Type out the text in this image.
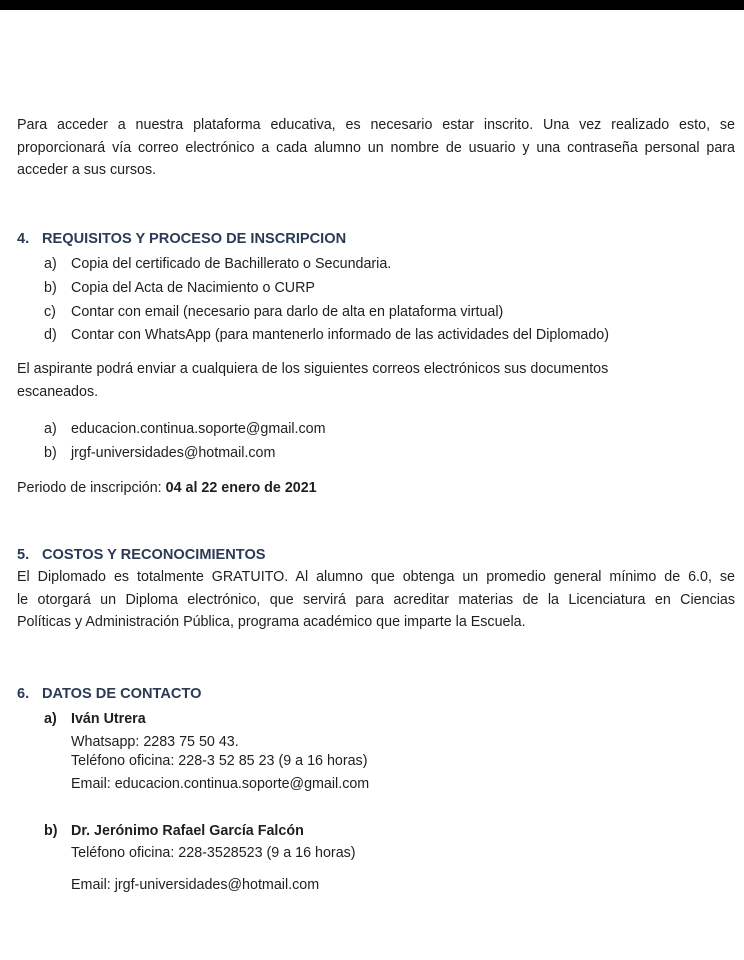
Para acceder a nuestra plataforma educativa, es necesario estar inscrito. Una vez realizado esto, se
proporcionará vía correo electrónico a cada alumno un nombre de usuario y una contraseña personal para
acceder a sus cursos.
4. REQUISITOS Y PROCESO DE INSCRIPCION
a) Copia del certificado de Bachillerato o Secundaria.
b) Copia del Acta de Nacimiento o CURP
c) Contar con email (necesario para darlo de alta en plataforma virtual)
d) Contar con WhatsApp (para mantenerlo informado de las actividades del Diplomado)
El aspirante podrá enviar a cualquiera de los siguientes correos electrónicos sus documentos
escaneados.
a) educacion.continua.soporte@gmail.com
b) jrgf-universidades@hotmail.com
Periodo de inscripción: 04 al 22 enero de 2021
5. COSTOS Y RECONOCIMIENTOS
El Diplomado es totalmente GRATUITO. Al alumno que obtenga un promedio general mínimo de 6.0, se
le otorgará un Diploma electrónico, que servirá para acreditar materias de la Licenciatura en Ciencias
Políticas y Administración Pública, programa académico que imparte la Escuela.
6. DATOS DE CONTACTO
a) Iván Utrera
Whatsapp: 2283 75 50 43.
Teléfono oficina: 228-3 52 85 23 (9 a 16 horas)
Email: educacion.continua.soporte@gmail.com
b) Dr. Jerónimo Rafael García Falcón
Teléfono oficina: 228-3528523 (9 a 16 horas)
Email: jrgf-universidades@hotmail.com
